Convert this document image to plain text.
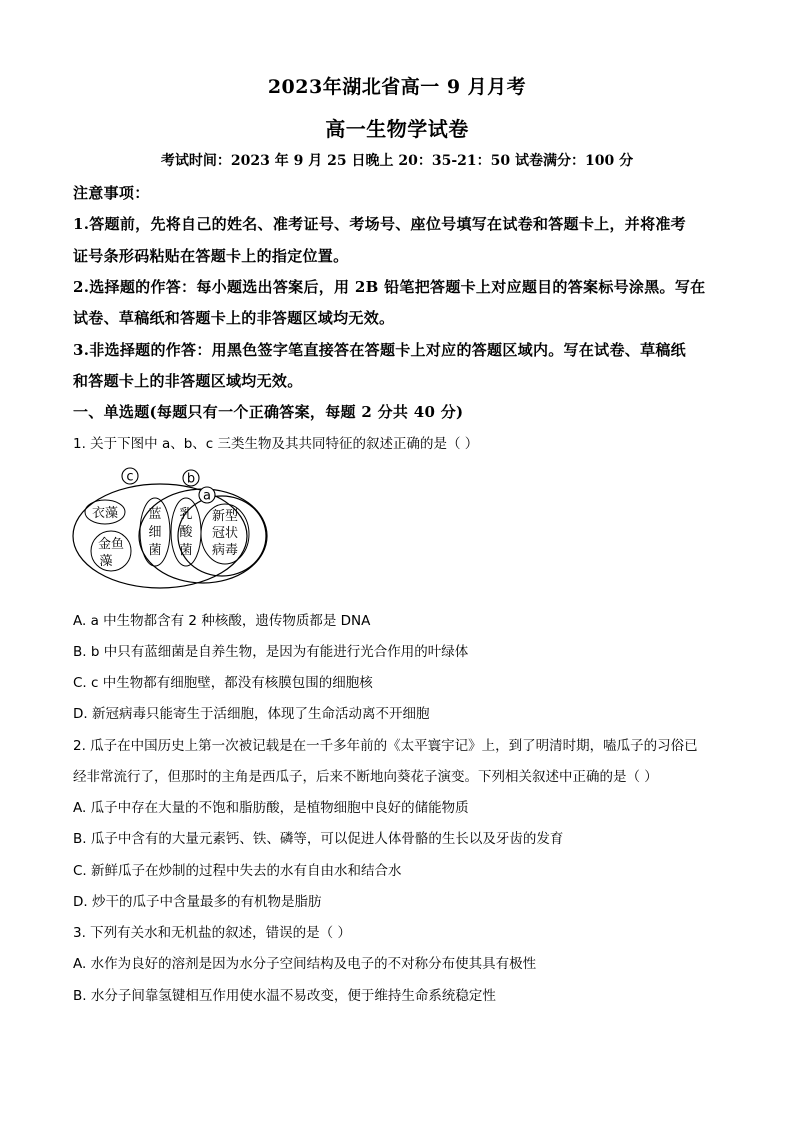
2023年湖北省高一 9 月月考
高一生物学试卷
考试时间：2023 年 9 月 25 日晚上 20：35-21：50 试卷满分：100 分
注意事项：
1.答题前，先将自己的姓名、准考证号、考场号、座位号填写在试卷和答题卡上，并将准考
证号条形码粘贴在答题卡上的指定位置。
2.选择题的作答：每小题选出答案后，用 2B 铅笔把答题卡上对应题目的答案标号涂黑。写在
试卷、草稿纸和答题卡上的非答题区域均无效。
3.非选择题的作答：用黑色签字笔直接答在答题卡上对应的答题区域内。写在试卷、草稿纸
和答题卡上的非答题区域均无效。
一、单选题(每题只有一个正确答案，每题 2 分共 40 分)
1. 关于下图中 a、b、c 三类生物及其共同特征的叙述正确的是（ ）
c	b
a
衣藻
金鱼
藻
蓝
细
菌
乳
酸
菌
新型
冠状
病毒
A. a 中生物都含有 2 种核酸，遗传物质都是 DNA
B. b 中只有蓝细菌是自养生物，是因为有能进行光合作用的叶绿体
C. c 中生物都有细胞壁，都没有核膜包围的细胞核
D. 新冠病毒只能寄生于活细胞，体现了生命活动离不开细胞
2. 瓜子在中国历史上第一次被记载是在一千多年前的《太平寰宇记》上，到了明清时期，嗑瓜子的习俗已
经非常流行了，但那时的主角是西瓜子，后来不断地向葵花子演变。下列相关叙述中正确的是（ ）
A. 瓜子中存在大量的不饱和脂肪酸，是植物细胞中良好的储能物质
B. 瓜子中含有的大量元素钙、铁、磷等，可以促进人体骨骼的生长以及牙齿的发育
C. 新鲜瓜子在炒制的过程中失去的水有自由水和结合水
D. 炒干的瓜子中含量最多的有机物是脂肪
3. 下列有关水和无机盐的叙述，错误的是（ ）
A. 水作为良好的溶剂是因为水分子空间结构及电子的不对称分布使其具有极性
B. 水分子间靠氢键相互作用使水温不易改变，便于维持生命系统稳定性
